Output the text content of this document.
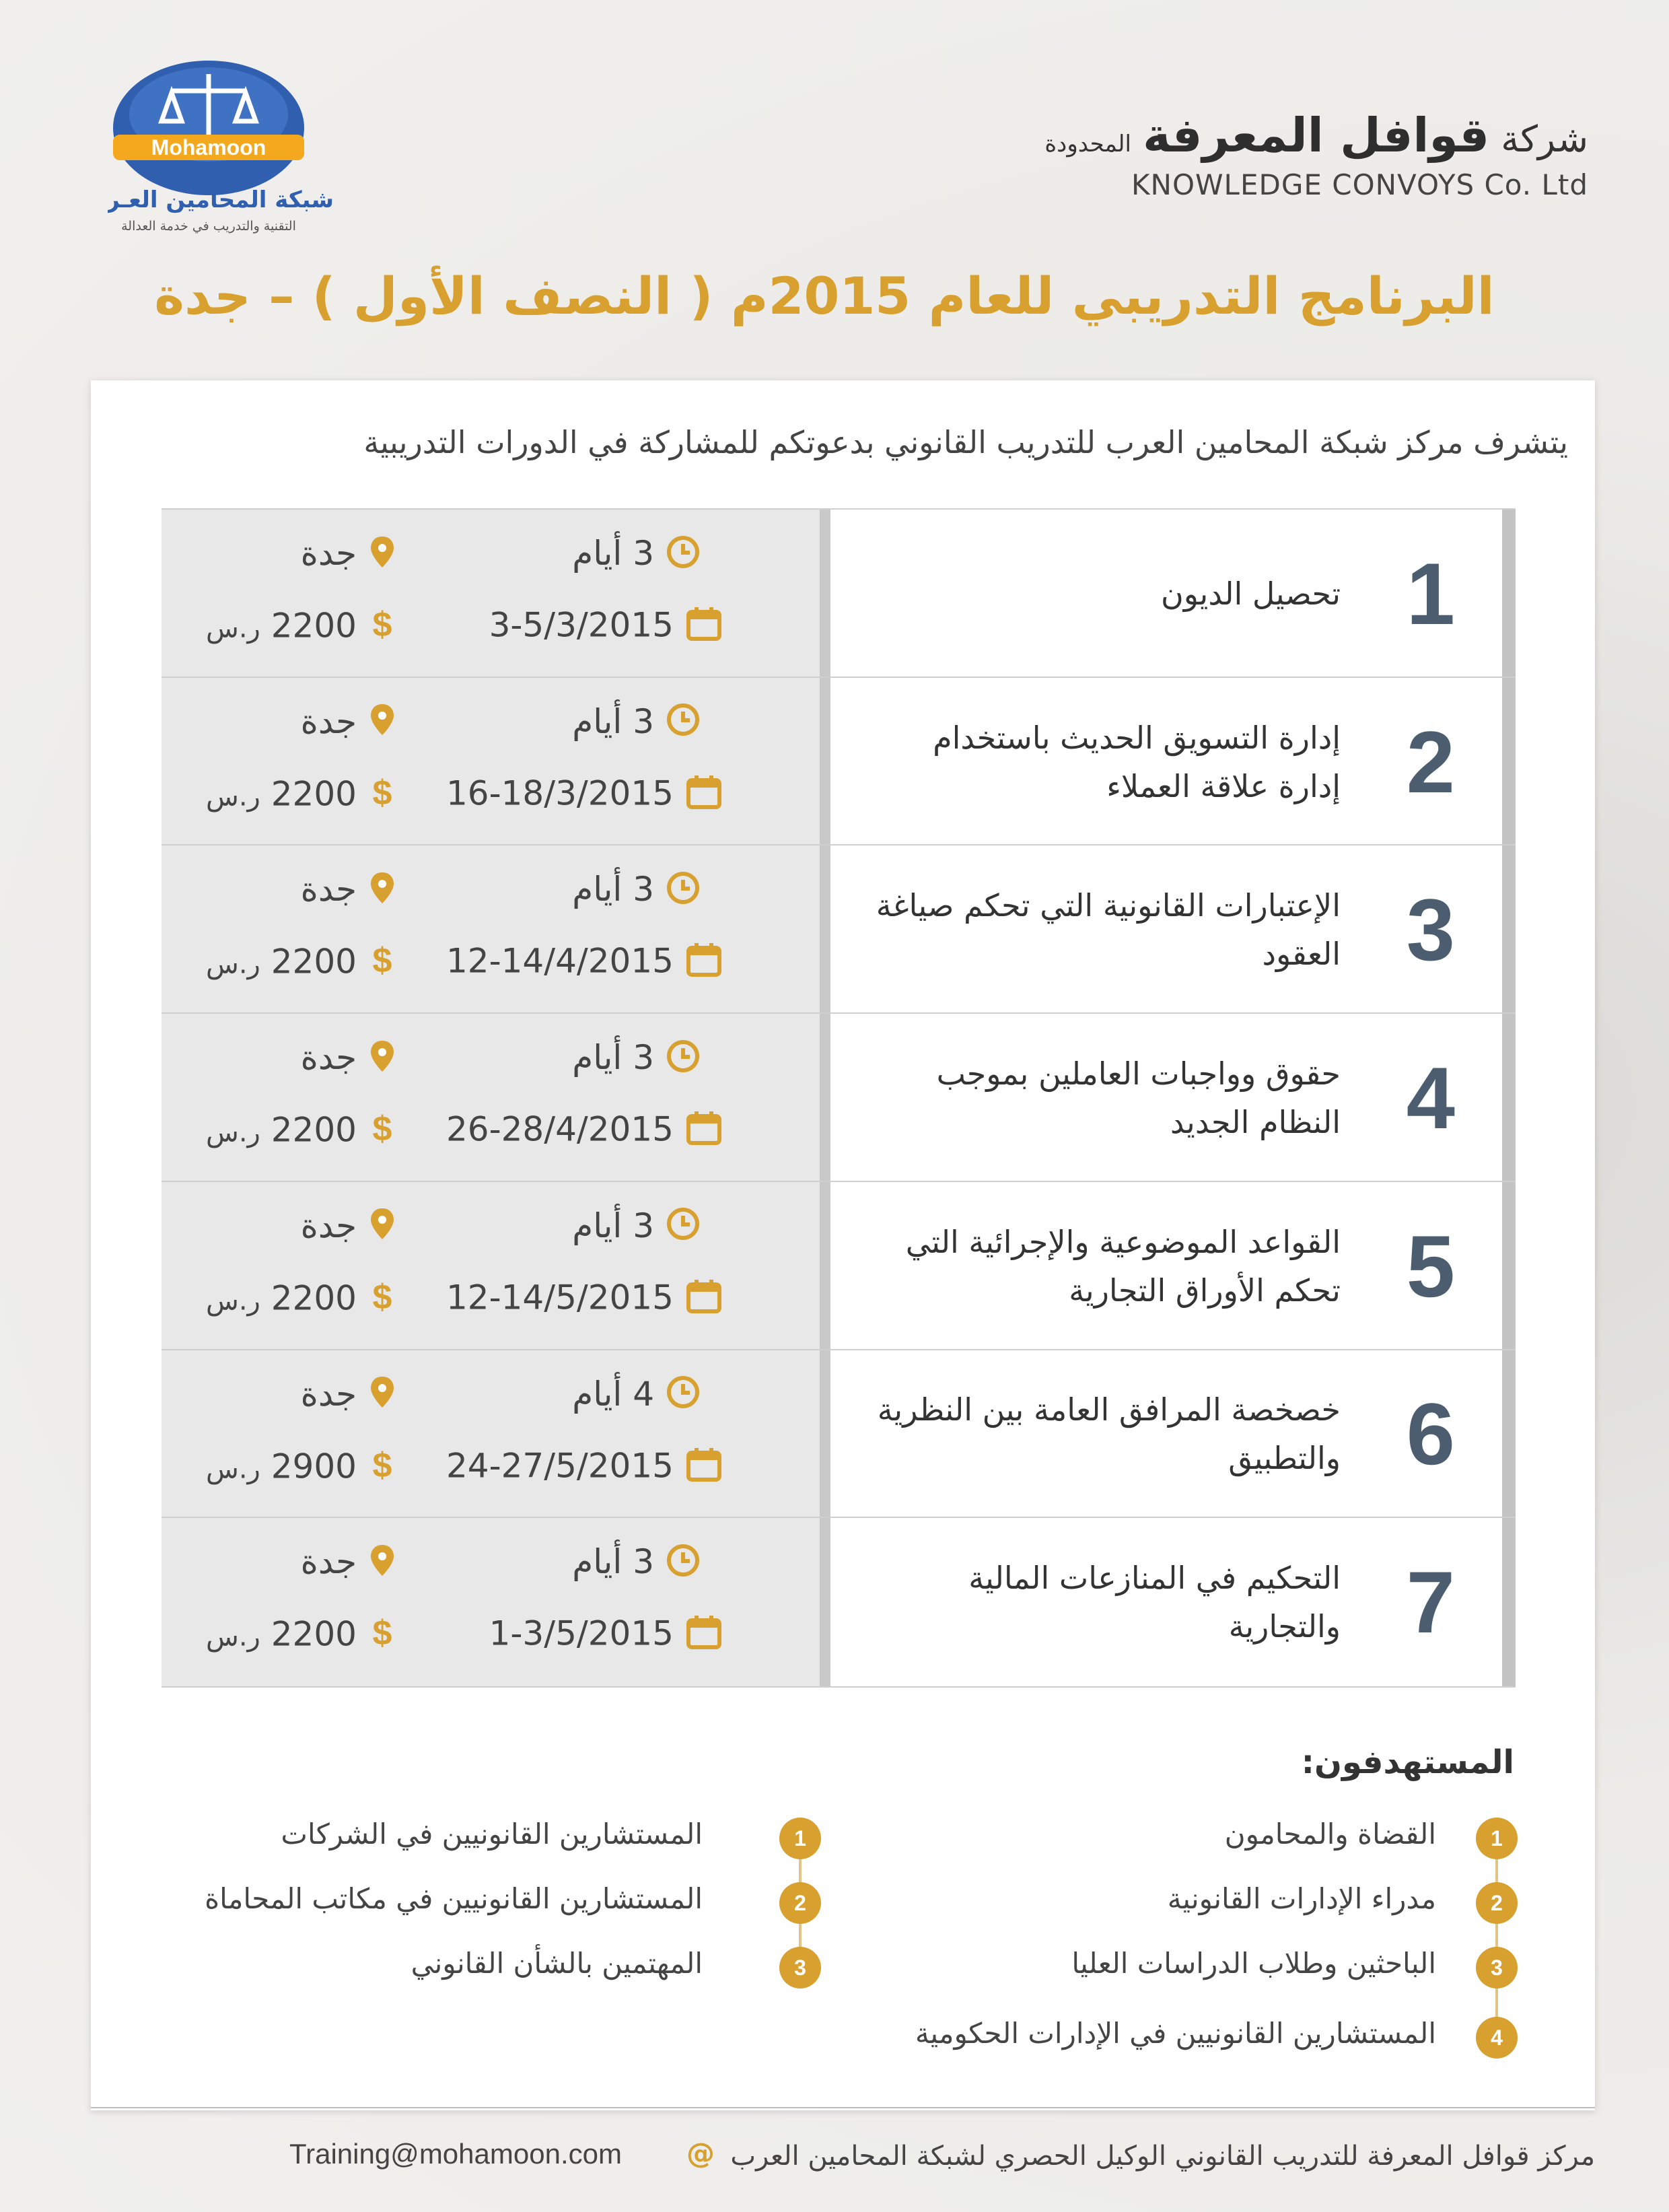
Mohamoon
.net
شبكة المحامين العـرب
التقنية والتدريب في خدمة العدالة
شركة قوافل المعرفة المحدودة
KNOWLEDGE CONVOYS Co. Ltd
البرنامج التدريبي للعام 2015م ( النصف الأول ) – جدة
يتشرف مركز شبكة المحامين العرب للتدريب القانوني بدعوتكم للمشاركة في الدورات التدريبية
3 أيام
3-5/3/2015
جدة
$
2200 ر.س
تحصيل الديون 1
3 أيام
16-18/3/2015
جدة
$
2200 ر.س
إدارة التسويق الحديث باستخدام إدارة علاقة العملاء 2
3 أيام
12-14/4/2015
جدة
$
2200 ر.س
الإعتبارات القانونية التي تحكم صياغة العقود 3
3 أيام
26-28/4/2015
جدة
$
2200 ر.س
حقوق وواجبات العاملين بموجب النظام الجديد 4
3 أيام
12-14/5/2015
جدة
$
2200 ر.س
القواعد الموضوعية والإجرائية التي تحكم الأوراق التجارية 5
4 أيام
24-27/5/2015
جدة
$
2900 ر.س
خصخصة المرافق العامة بين النظرية والتطبيق 6
3 أيام
1-3/5/2015
جدة
$
2200 ر.س
التحكيم في المنازعات المالية والتجارية 7
المستهدفون:
1
القضاة والمحامون
2
مدراء الإدارات القانونية
3
الباحثين وطلاب الدراسات العليا
4
المستشارين القانونيين في الإدارات الحكومية
1
المستشارين القانونيين في الشركات
2
المستشارين القانونيين في مكاتب المحاماة
3
المهتمين بالشأن القانوني
مركز قوافل المعرفة للتدريب القانوني الوكيل الحصري لشبكة المحامين العرب
@
Training@mohamoon.com
